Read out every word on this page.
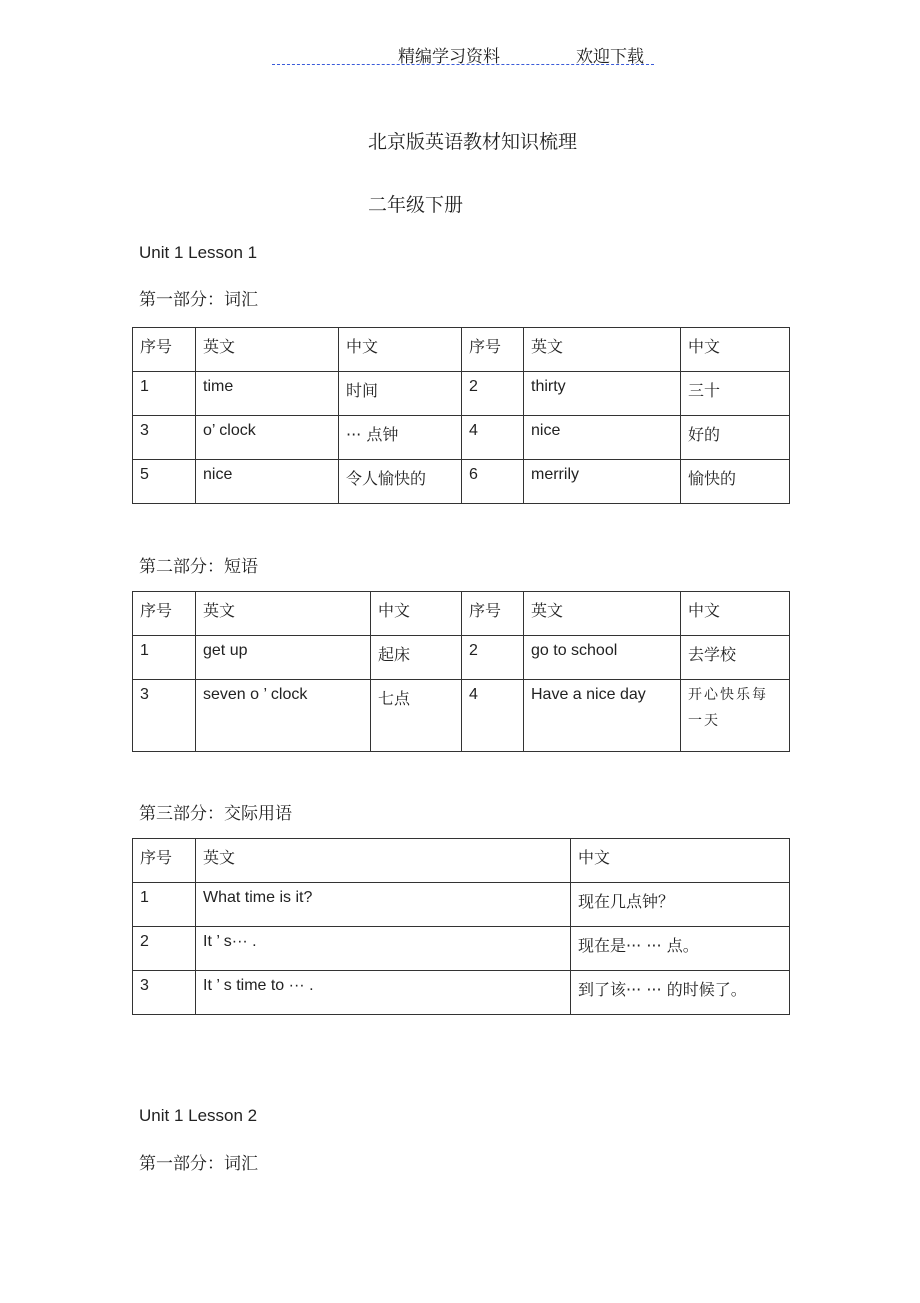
精编学习资料	欢迎下载
北京版英语教材知识梳理
二年级下册
Unit 1 Lesson 1
第一部分：词汇
序号	英文	中文	序号	英文	中文
1	time	时间	2	thirty	三十
3	o’ clock	··· 点钟	4	nice	好的
5	nice	令人愉快的	6	merrily	愉快的
第二部分：短语
序号	英文	中文	序号	英文	中文
1	get up	起床	2	go to school	去学校
3	seven o ’ clock	七点	4	Have a nice day	开心快乐每一天
第三部分：交际用语
序号	英文	中文
1	What time is it?	现在几点钟？
2	It ’ s··· .	现在是··· ··· 点。
3	It ’ s time to ··· .	到了该··· ··· 的时候了。
Unit 1 Lesson 2
第一部分：词汇
